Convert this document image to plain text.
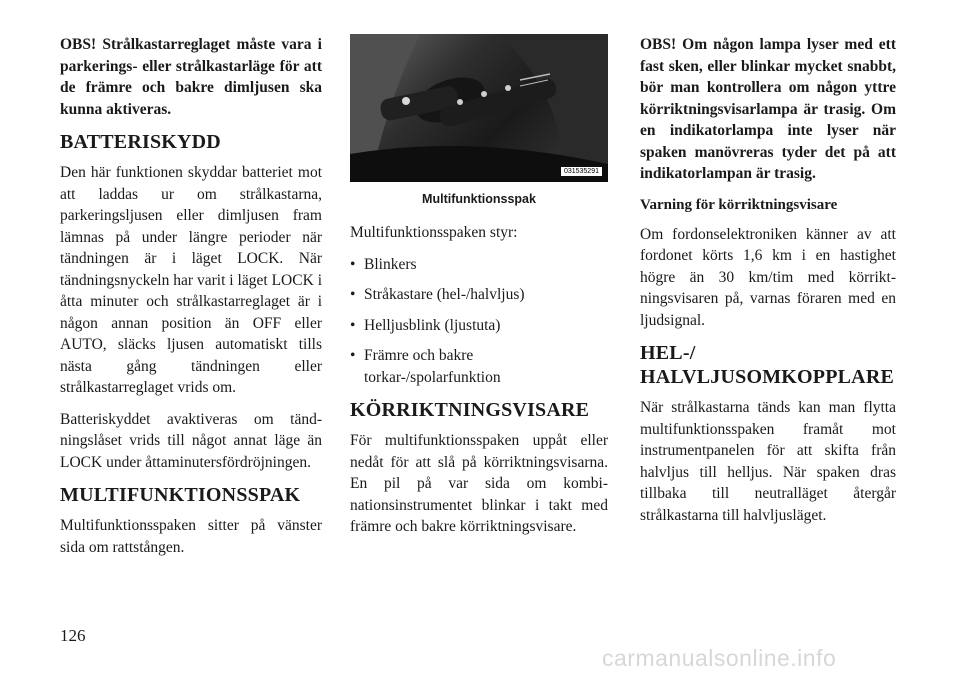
OBS! Strålkastarreglaget måste vara i parkerings- eller strålkastarläge för att de främre och bakre dimljusen ska kunna aktiveras.

BATTERISKYDD

Den här funktionen skyddar batteriet mot att laddas ur om strålkastarna, parkeringsljusen eller dimljusen fram lämnas på under längre perioder när tändningen är i läget LOCK. När tändningsnyckeln har varit i läget LOCK i åtta minuter och strålkastarreglaget är i någon annan position än OFF eller AUTO, släcks ljusen automatiskt tills nästa gång tändningen eller strålkastarreglaget vrids om.

Batteriskyddet avaktiveras om tändningslåset vrids till något annat läge än LOCK under åttaminutersfördröjningen.

MULTIFUNKTIONSSPAK

Multifunktionsspaken sitter på vänster sida om rattstången.

031535291
Multifunktionsspak

Multifunktionsspaken styr:

• Blinkers
• Stråkastare (hel-/halvljus)
• Helljusblink (ljustuta)
• Främre och bakre
torkar-/spolarfunktion
KÖRRIKTNINGSVISARE

För multifunktionsspaken uppåt eller nedåt för att slå på körriktningsvisarna. En pil på var sida om kombinationsinstrumentet blinkar i takt med främre och bakre körriktningsvisare.

OBS! Om någon lampa lyser med ett fast sken, eller blinkar mycket snabbt, bör man kontrollera om någon yttre körriktningsvisarlampa är trasig. Om en indikatorlampa inte lyser när spaken manövreras tyder det på att indikatorlampan är trasig.

Varning för körriktningsvisare

Om fordonselektroniken känner av att fordonet körts 1,6 km i en hastighet högre än 30 km/tim med körriktningsvisaren på, varnas föraren med en ljudsignal.

HEL-/
HALVLJUSOMKOPPLARE

När strålkastarna tänds kan man flytta multifunktionsspaken framåt mot instrumentpanelen för att skifta från halvljus till helljus. När spaken dras tillbaka till neutralläget återgår strålkastarna till halvljusläget.

126
carmanualsonline.info
